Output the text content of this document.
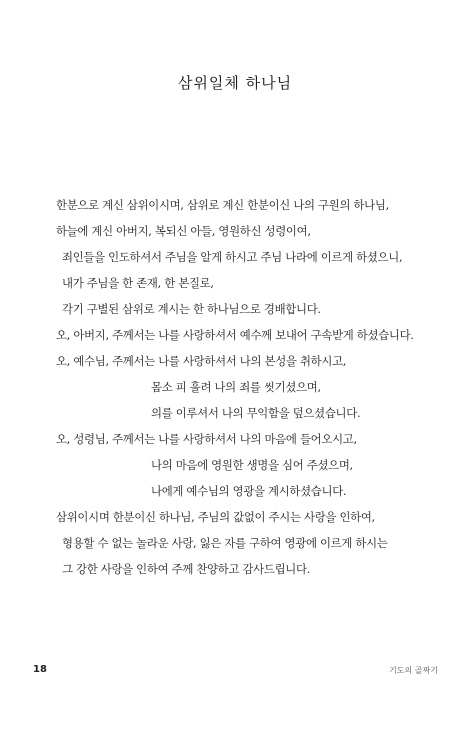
삼위일체 하나님
한분으로 계신 삼위이시며, 삼위로 계신 한분이신 나의 구원의 하나님,
하늘에 계신 아버지, 복되신 아들, 영원하신 성령이여,
죄인들을 인도하셔서 주님을 알게 하시고 주님 나라에 이르게 하셨으니,
내가 주님을 한 존재, 한 본질로,
각기 구별된 삼위로 계시는 한 하나님으로 경배합니다.
오, 아버지, 주께서는 나를 사랑하셔서 예수께 보내어 구속받게 하셨습니다.
오, 예수님, 주께서는 나를 사랑하셔서 나의 본성을 취하시고,
몸소 피 흘려 나의 죄를 씻기셨으며,
의를 이루셔서 나의 무익함을 덮으셨습니다.
오, 성령님, 주께서는 나를 사랑하셔서 나의 마음에 들어오시고,
나의 마음에 영원한 생명을 심어 주셨으며,
나에게 예수님의 영광을 계시하셨습니다.
삼위이시며 한분이신 하나님, 주님의 값없이 주시는 사랑을 인하여,
형용할 수 없는 놀라운 사랑, 잃은 자를 구하여 영광에 이르게 하시는
그 강한 사랑을 인하여 주께 찬양하고 감사드립니다.
18	기도의 골짜기
